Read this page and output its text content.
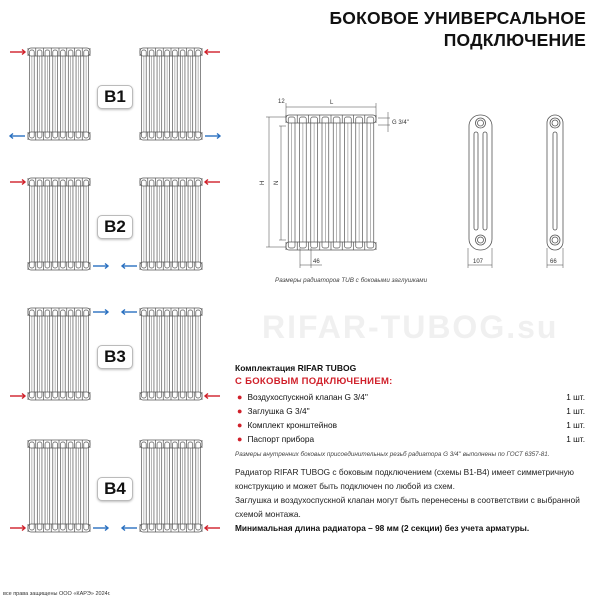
RIFAR-TUBOG.su
БОКОВОЕ УНИВЕРСАЛЬНОЕ
ПОДКЛЮЧЕНИЕ
B1
B2
B3
B4
12	L
H N
46
G 3/4''
107	66
Размеры радиаторов TUB с боковыми заглушками
Комплектация RIFAR TUBOG
С БОКОВЫМ ПОДКЛЮЧЕНИЕМ:
● Воздухоспускной клапан G 3/4''	1 шт.
● Заглушка G 3/4''	1 шт.
● Комплект кронштейнов	1 шт.
● Паспорт прибора	1 шт.
Размеры внутренних боковых присоединительных резьб радиатора G 3/4'' выполнены по ГОСТ 6357-81.
Радиатор RIFAR TUBOG с боковым подключением (схемы В1-В4) имеет симметричную конструкцию и может быть подключен по любой из схем.
Заглушка и воздухоспускной клапан могут быть перенесены в соответствии с выбранной схемой монтажа.
Минимальная длина радиатора – 98 мм (2 секции) без учета арматуры.
все права защищены ООО «КАРЭ» 2024г.
